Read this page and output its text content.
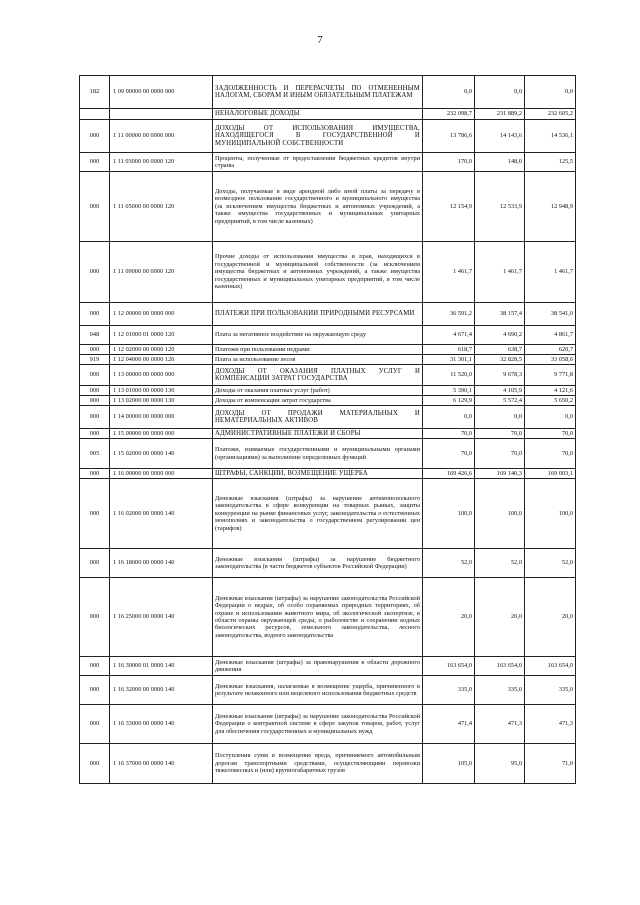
7
182	1 09 00000 00 0000 000	ЗАДОЛЖЕННОСТЬ И ПЕРЕРАСЧЕТЫ ПО ОТМЕНЕННЫМ НАЛОГАМ, СБОРАМ И ИНЫМ ОБЯЗАТЕЛЬНЫМ ПЛАТЕЖАМ	0,0	0,0	0,0
		НЕНАЛОГОВЫЕ ДОХОДЫ	232 098,7	231 889,2	232 605,2
000	1 11 00000 00 0000 000	ДОХОДЫ ОТ ИСПОЛЬЗОВАНИЯ ИМУЩЕСТВА, НАХОДЯЩЕГОСЯ В ГОСУДАРСТВЕННОЙ И МУНИЦИПАЛЬНОЙ СОБСТВЕННОСТИ	13 786,6	14 143,6	14 536,1
000	1 11 03000 00 0000 120	Проценты, полученные от предоставления бюджетных кредитов внутри страны	170,0	148,0	125,5
000	1 11 05000 00 0000 120	Доходы, получаемые в виде арендной либо иной платы за передачу в возмездное пользование государственного и муниципального имущества (за исключением имущества бюджетных и автономных учреждений, а также имущества государственных и муниципальных унитарных предприятий, в том числе казенных)	12 154,9	12 533,9	12 948,9
000	1 11 09000 00 0000 120	Прочие доходы от использования имущества и прав, находящихся в государственной и муниципальной собственности (за исключением имущества бюджетных и автономных учреждений, а также имущества государственных и муниципальных унитарных предприятий, в том числе казенных)	1 461,7	1 461,7	1 461,7
000	1 12 00000 00 0000 000	ПЛАТЕЖИ ПРИ ПОЛЬЗОВАНИИ ПРИРОДНЫМИ РЕСУРСАМИ	36 591,2	38 157,4	38 541,0
048	1 12 01000 01 0000 120	Плата за негативное воздействие на окружающую среду	4 671,4	4 690,2	4 861,7
000	1 12 02000 00 0000 120	Платежи при пользовании недрами	618,7	638,7	620,7
919	1 12 04000 00 0000 120	Плата за использование лесов	31 301,1	32 828,5	33 058,6
000	1 13 00000 00 0000 000	ДОХОДЫ ОТ ОКАЗАНИЯ ПЛАТНЫХ УСЛУГ И КОМПЕНСАЦИИ ЗАТРАТ ГОСУДАРСТВА	11 520,0	9 678,3	9 771,8
000	1 13 01000 00 0000 130	Доходы от оказания платных услуг (работ)	5 390,1	4 105,9	4 121,6
000	1 13 02000 00 0000 130	Доходы от компенсации затрат государства	6 129,9	5 572,4	5 650,2
000	1 14 00000 00 0000 000	ДОХОДЫ ОТ ПРОДАЖИ МАТЕРИАЛЬНЫХ И НЕМАТЕРИАЛЬНЫХ АКТИВОВ	0,0	0,0	0,0
000	1 15 00000 00 0000 000	АДМИНИСТРАТИВНЫЕ ПЛАТЕЖИ И СБОРЫ	70,0	70,0	70,0
905	1 15 02000 00 0000 140	Платежи, взимаемые государственными и муниципальными органами (организациями) за выполнение определенных функций	70,0	70,0	70,0
000	1 16 00000 00 0000 000	ШТРАФЫ, САНКЦИИ, ВОЗМЕЩЕНИЕ УЩЕРБА	169 426,6	169 140,3	169 003,1
000	1 16 02000 00 0000 140	Денежные взыскания (штрафы) за нарушение антимонопольного законодательства в сфере конкуренции на товарных рынках, защиты конкуренции на рынке финансовых услуг, законодательства о естественных монополиях и законодательства о государственном регулировании цен (тарифов)	100,0	100,0	100,0
000	1 16 18000 00 0000 140	Денежные взыскания (штрафы) за нарушение бюджетного законодательства (в части бюджетов субъектов Российской Федерации)	52,0	52,0	52,0
000	1 16 25000 00 0000 140	Денежные взыскания (штрафы) за нарушение законодательства Российской Федерации о недрах, об особо охраняемых природных территориях, об охране и использовании животного мира, об экологической экспертизе, в области охраны окружающей среды, о рыболовстве и сохранении водных биологических ресурсов, земельного законодательства, лесного законодательства, водного законодательства	20,0	20,0	20,0
000	1 16 30000 01 0000 140	Денежные взыскания (штрафы) за правонарушения в области дорожного движения	163 654,0	163 654,0	163 654,0
000	1 16 32000 00 0000 140	Денежные взыскания, налагаемые в возмещение ущерба, причиненного в результате незаконного или нецелевого использования бюджетных средств	335,0	335,0	335,0
000	1 16 33000 00 0000 140	Денежные взыскания (штрафы) за нарушение законодательства Российской Федерации о контрактной системе в сфере закупок товаров, работ, услуг для обеспечения государственных и муниципальных нужд	471,4	471,3	471,3
000	1 16 37000 00 0000 140	Поступления сумм в возмещение вреда, причиняемого автомобильным дорогам транспортными средствами, осуществляющими перевозки тяжеловесных и (или) крупногабаритных грузов	105,0	95,0	71,0
